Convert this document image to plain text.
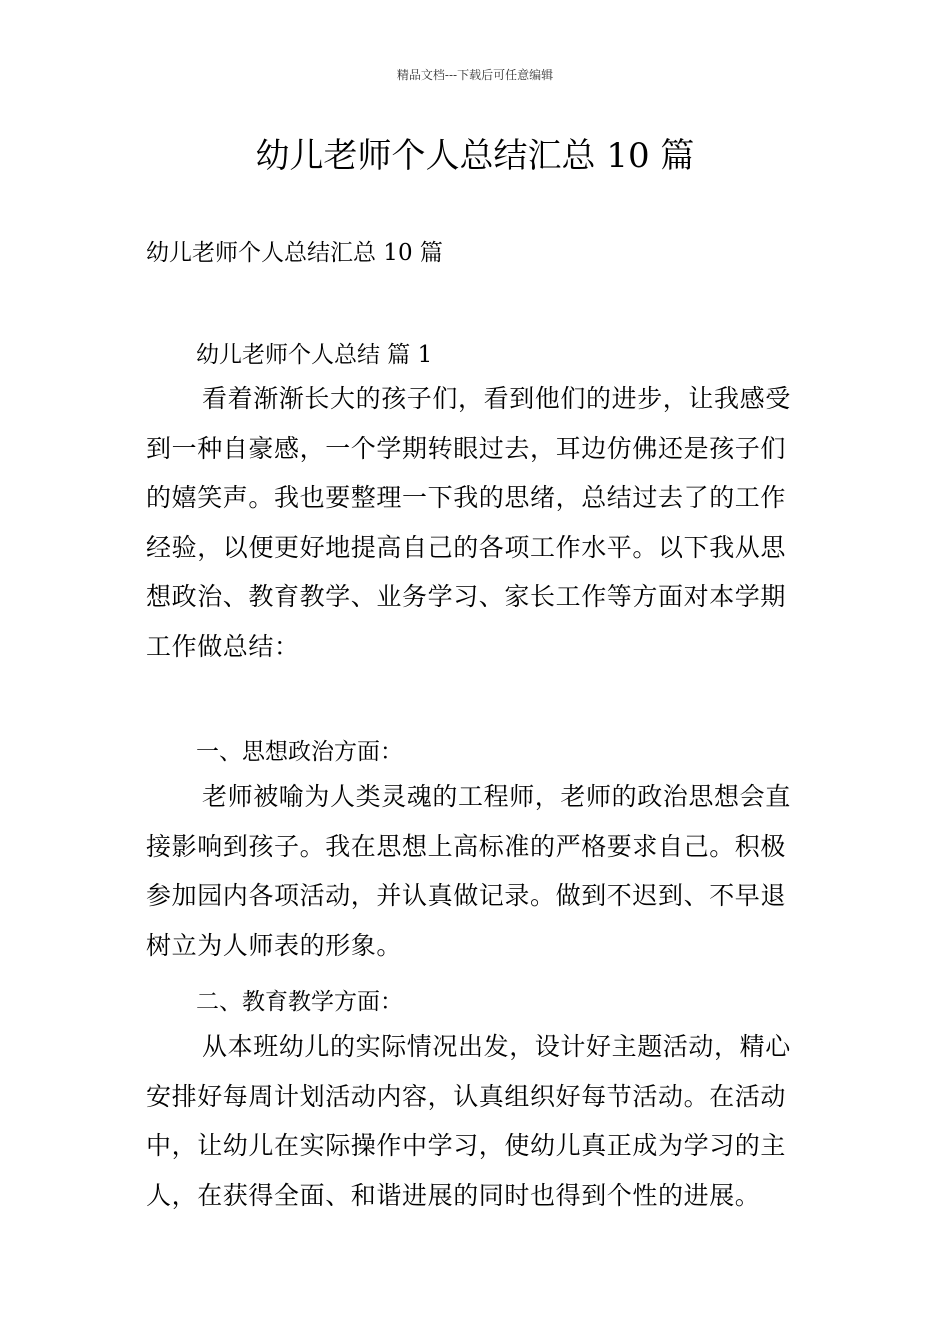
精品文档---下载后可任意编辑
幼儿老师个人总结汇总 10 篇
幼儿老师个人总结汇总 10 篇
幼儿老师个人总结 篇 1
看着渐渐长大的孩子们，看到他们的进步，让我感受到一种自豪感，一个学期转眼过去，耳边仿佛还是孩子们的嬉笑声。我也要整理一下我的思绪，总结过去了的工作经验，以便更好地提高自己的各项工作水平。以下我从思想政治、教育教学、业务学习、家长工作等方面对本学期工作做总结：
一、思想政治方面：
老师被喻为人类灵魂的工程师，老师的政治思想会直接影响到孩子。我在思想上高标准的严格要求自己。积极参加园内各项活动，并认真做记录。做到不迟到、不早退树立为人师表的形象。
二、教育教学方面：
从本班幼儿的实际情况出发，设计好主题活动，精心安排好每周计划活动内容，认真组织好每节活动。在活动中，让幼儿在实际操作中学习，使幼儿真正成为学习的主人，在获得全面、和谐进展的同时也得到个性的进展。
